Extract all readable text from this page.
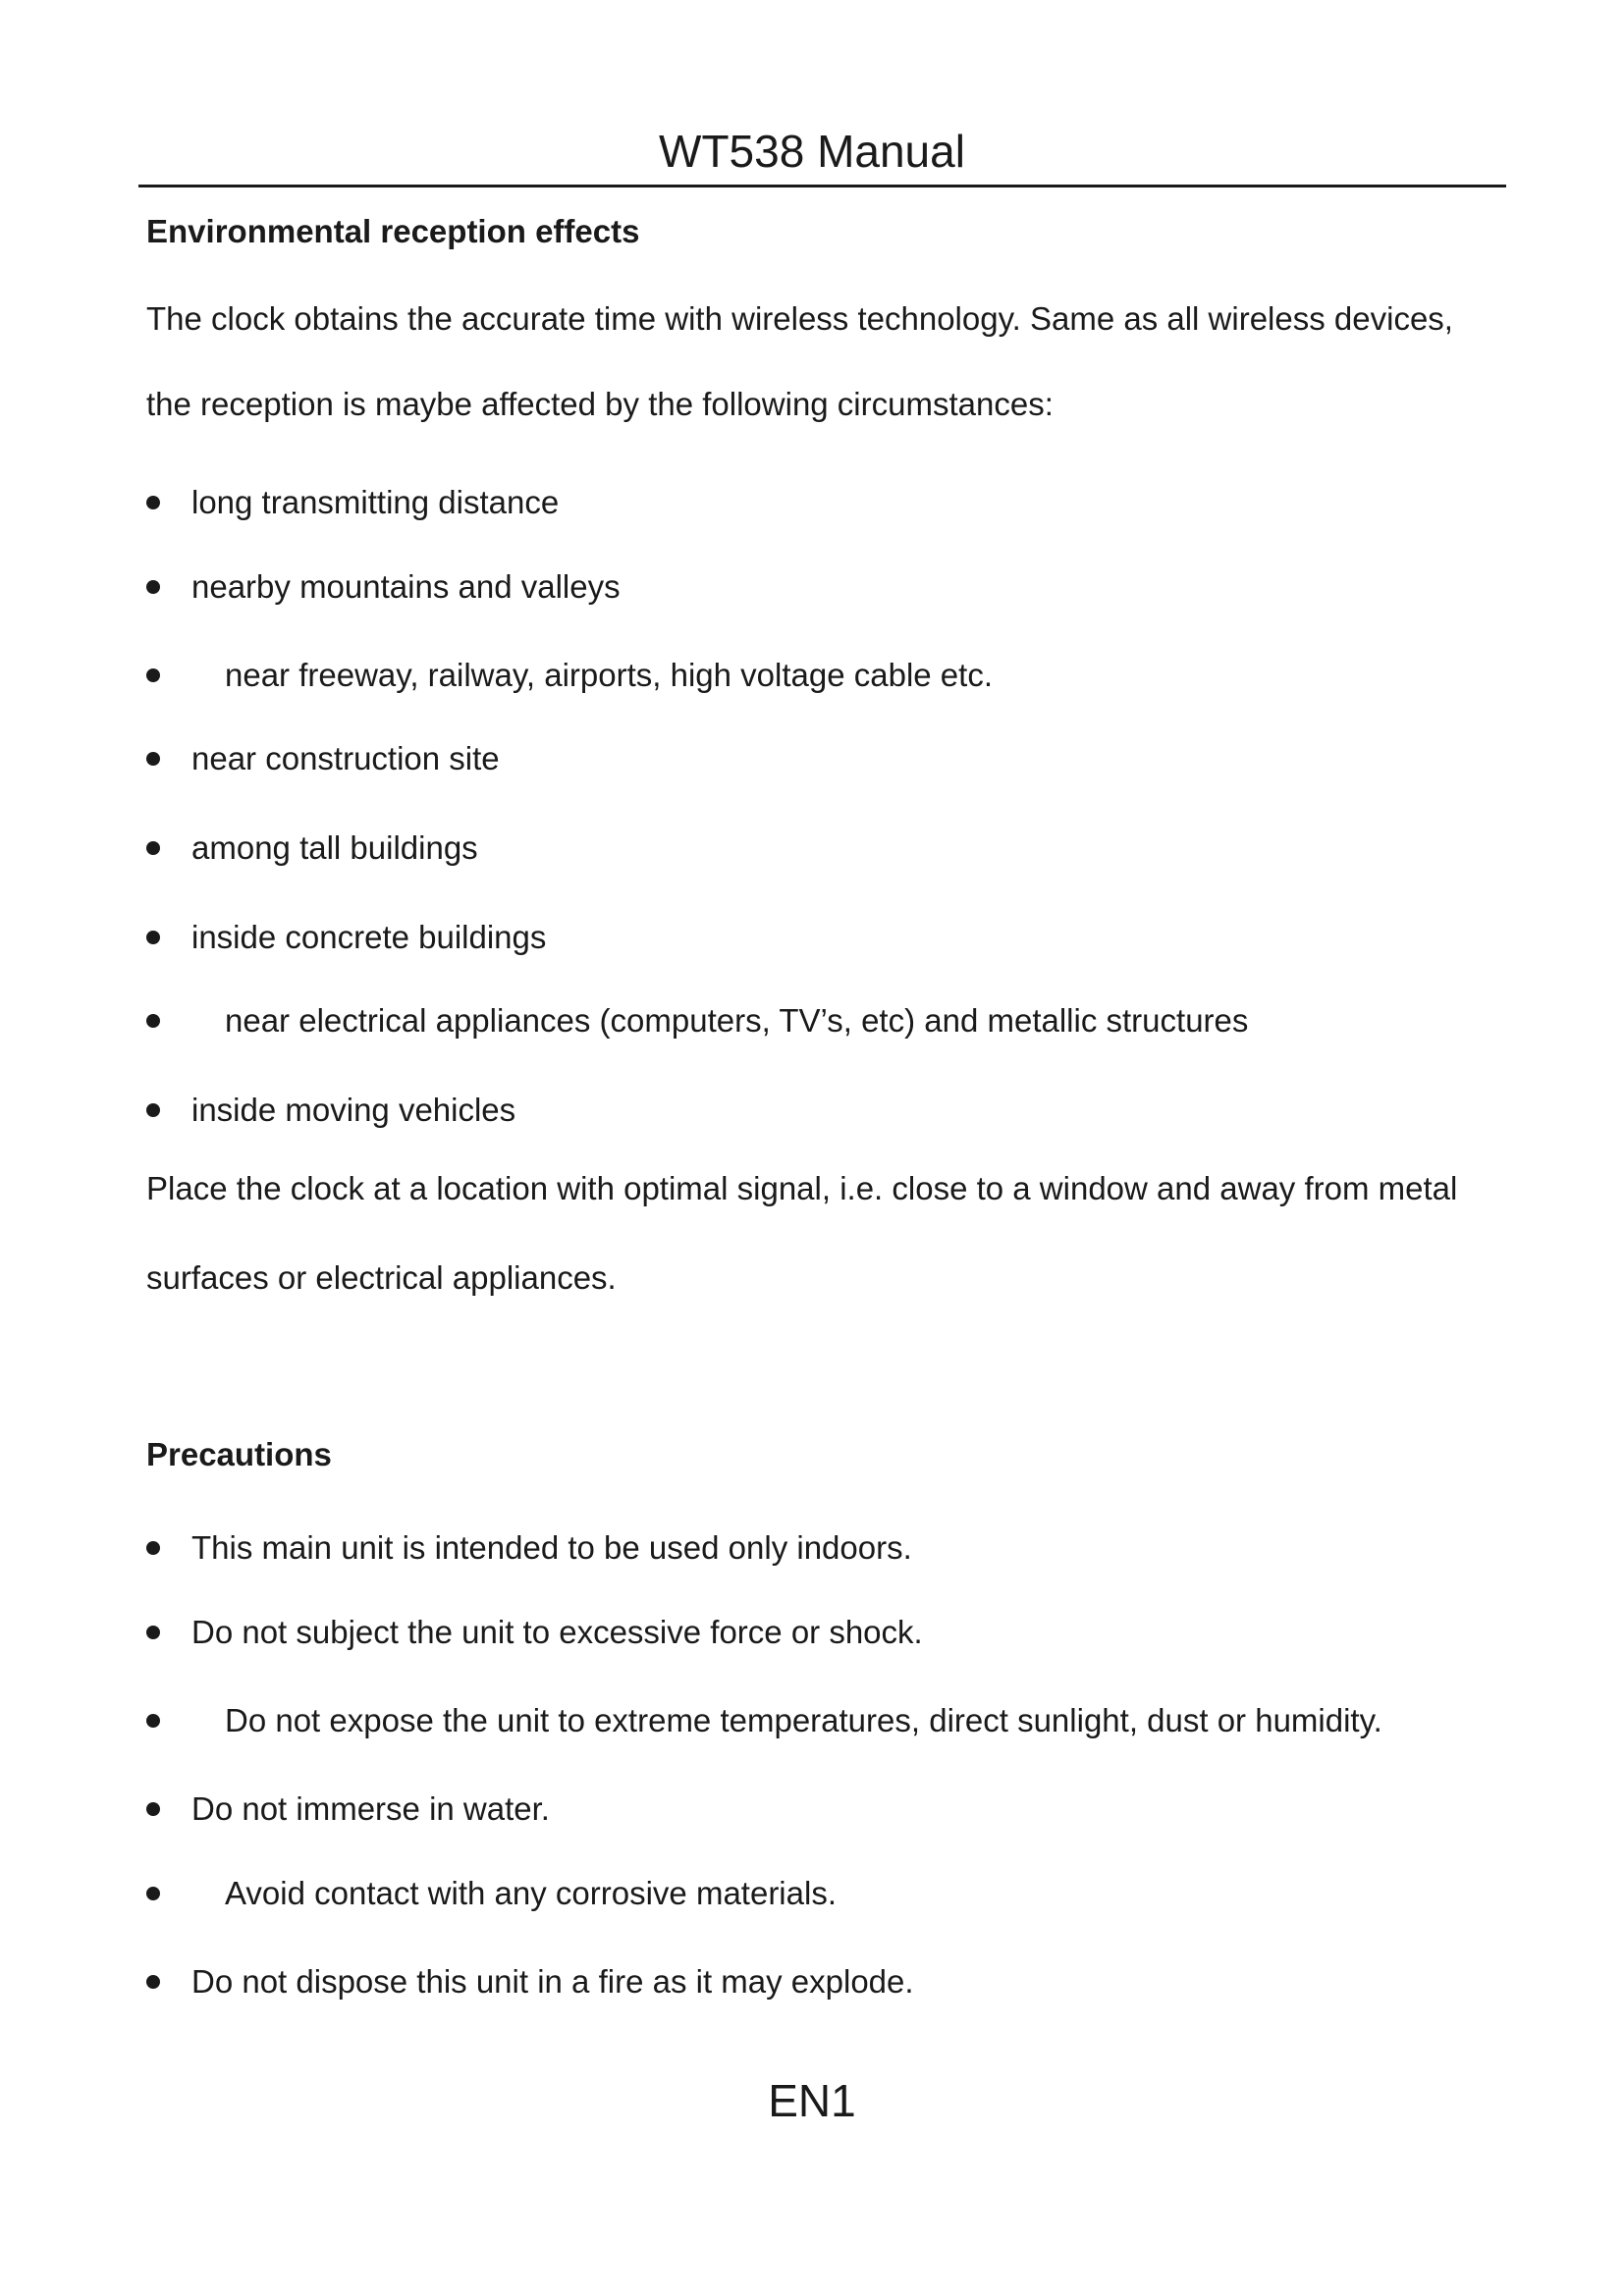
WT538 Manual
Environmental reception effects
The clock obtains the accurate time with wireless technology. Same as all wireless devices,
the reception is maybe affected by the following circumstances:
long transmitting distance
nearby mountains and valleys
near freeway, railway, airports, high voltage cable etc.
near construction site
among tall buildings
inside concrete buildings
near electrical appliances (computers, TV’s, etc) and metallic structures
inside moving vehicles
Place the clock at a location with optimal signal, i.e. close to a window and away from metal
surfaces or electrical appliances.
Precautions
This main unit is intended to be used only indoors.
Do not subject the unit to excessive force or shock.
Do not expose the unit to extreme temperatures, direct sunlight, dust or humidity.
Do not immerse in water.
Avoid contact with any corrosive materials.
Do not dispose this unit in a fire as it may explode.
EN1
